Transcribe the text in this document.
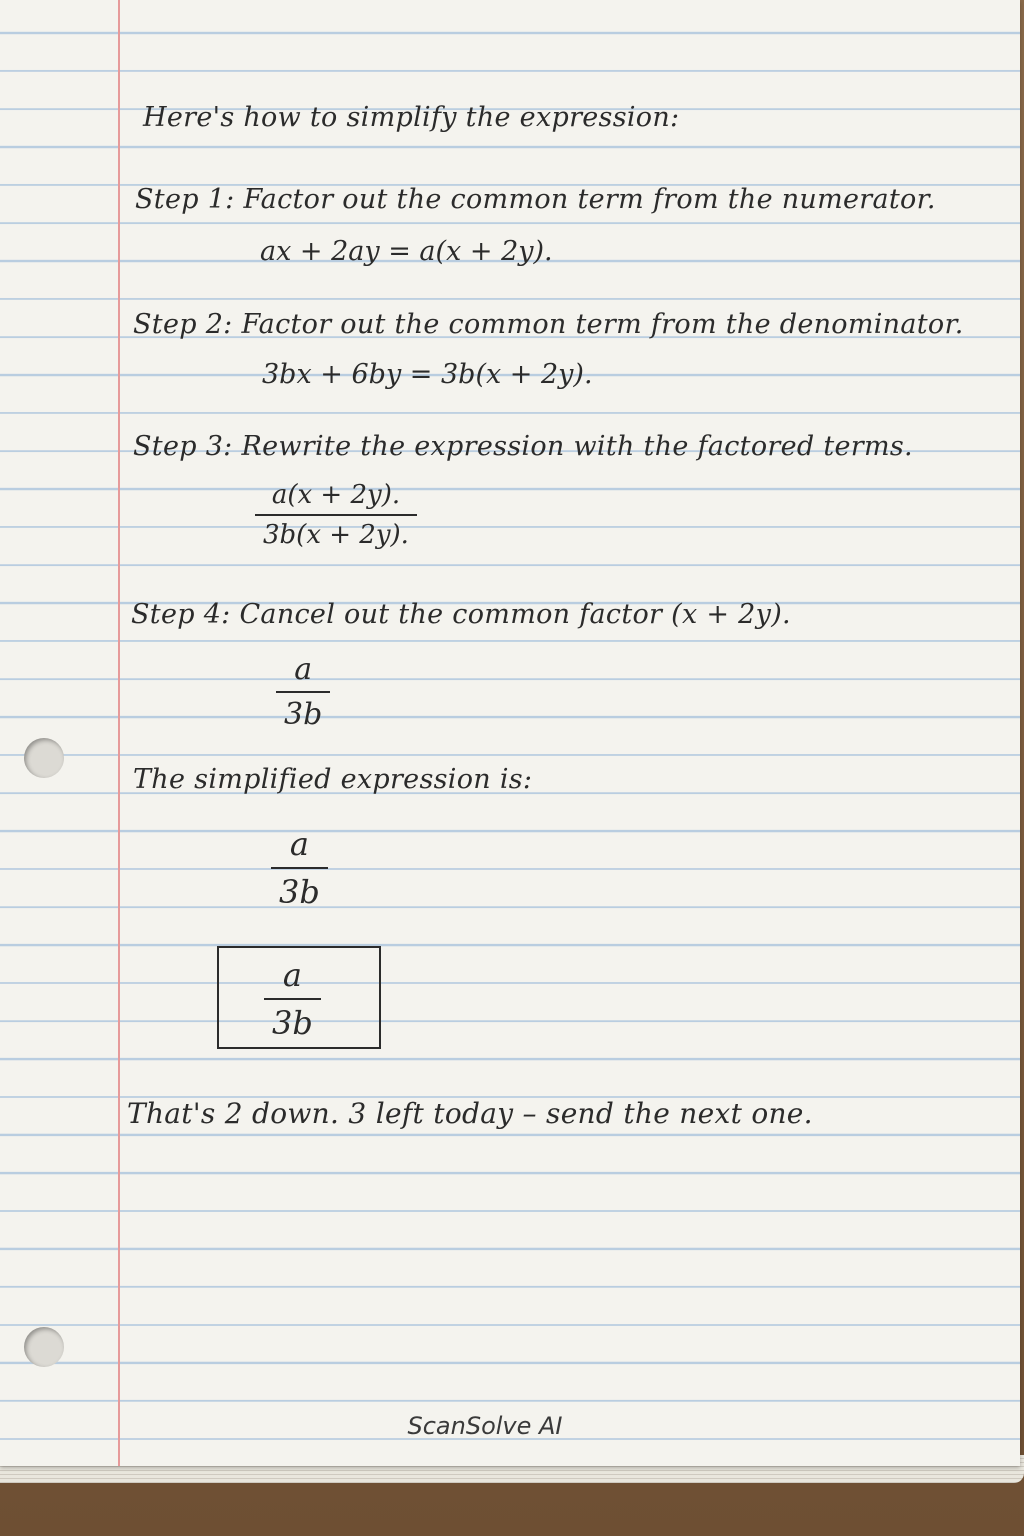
Here's how to simplify the expression:
Step 1: Factor out the common term from the numerator.
ax + 2ay = a(x + 2y).
Step 2: Factor out the common term from the denominator.
3bx + 6by = 3b(x + 2y).
Step 3: Rewrite the expression with the factored terms.
a(x + 2y).
3b(x + 2y).
Step 4: Cancel out the common factor (x + 2y).
a
3b
The simplified expression is:
a
3b
a
3b
That's 2 down. 3 left today – send the next one.
ScanSolve AI
